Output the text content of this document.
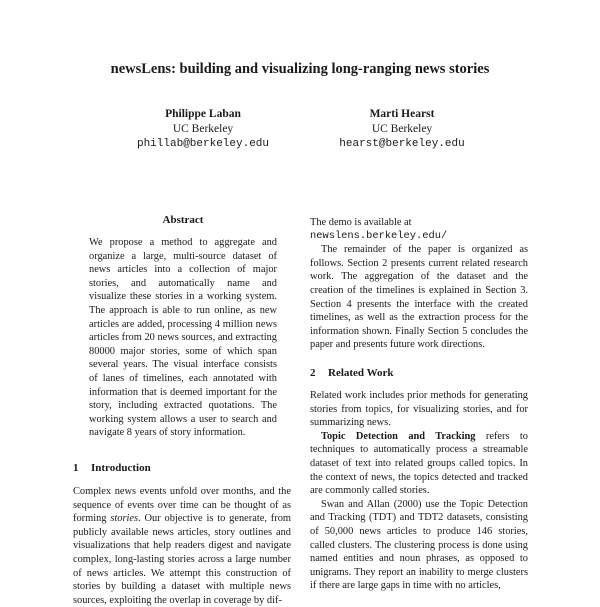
newsLens: building and visualizing long-ranging news stories
Philippe Laban
UC Berkeley
phillab@berkeley.edu
Marti Hearst
UC Berkeley
hearst@berkeley.edu
Abstract

We propose a method to aggregate and organize a large, multi-source dataset of news articles into a collection of major stories, and automatically name and visualize these stories in a working system. The approach is able to run online, as new articles are added, processing 4 million news articles from 20 news sources, and extracting 80000 major stories, some of which span several years. The visual interface consists of lanes of timelines, each annotated with information that is deemed important for the story, including extracted quotations. The working system allows a user to search and navigate 8 years of story information.

1 Introduction

Complex news events unfold over months, and the sequence of events over time can be thought of as forming stories. Our objective is to generate, from publicly available news articles, story outlines and visualizations that help readers digest and navigate complex, long-lasting stories across a large number of news articles. We attempt this construction of stories by building a dataset with multiple news sources, exploiting the overlap in coverage by dif-

The demo is available at

newslens.berkeley.edu/

The remainder of the paper is organized as follows. Section 2 presents current related research work. The aggregation of the dataset and the creation of the timelines is explained in Section 3. Section 4 presents the interface with the created timelines, as well as the extraction process for the information shown. Finally Section 5 concludes the paper and presents future work directions.

2 Related Work

Related work includes prior methods for generating stories from topics, for visualizing stories, and for summarizing news.

Topic Detection and Tracking refers to techniques to automatically process a streamable dataset of text into related groups called topics. In the context of news, the topics detected and tracked are commonly called stories.

Swan and Allan (2000) use the Topic Detection and Tracking (TDT) and TDT2 datasets, consisting of 50,000 news articles to produce 146 stories, called clusters. The clustering process is done using named entities and noun phrases, as opposed to unigrams. They report an inability to merge clusters if there are large gaps in time with no articles,
